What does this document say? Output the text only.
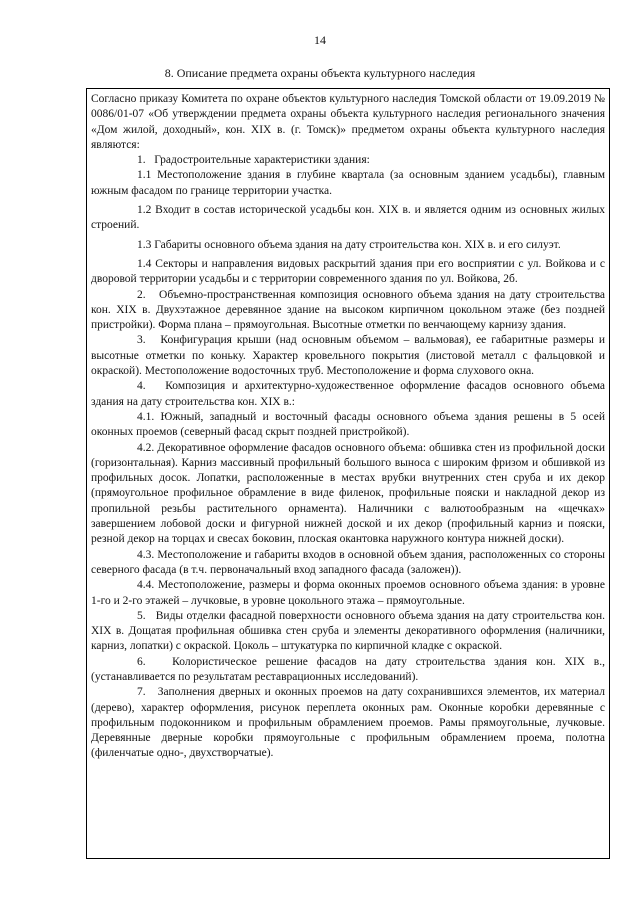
14
8. Описание предмета охраны объекта культурного наследия

Согласно приказу Комитета по охране объектов культурного наследия Томской области от 19.09.2019 № 0086/01-07 «Об утверждении предмета охраны объекта культурного наследия регионального значения «Дом жилой, доходный», кон. XIX в. (г. Томск)» предметом охраны объекта культурного наследия являются:

1.   Градостроительные характеристики здания:

1.1 Местоположение здания в глубине квартала (за основным зданием усадьбы), главным южным фасадом по границе территории участка.

1.2 Входит в состав исторической усадьбы кон. XIX в. и является одним из основных жилых строений.

1.3 Габариты основного объема здания на дату строительства кон. XIX в. и его силуэт.

1.4 Секторы и направления видовых раскрытий здания при его восприятии с ул. Войкова и с дворовой территории усадьбы и с территории современного здания по ул. Войкова, 2б.

2.   Объемно-пространственная композиция основного объема здания на дату строительства кон. XIX в. Двухэтажное деревянное здание на высоком кирпичном цокольном этаже (без поздней пристройки). Форма плана – прямоугольная. Высотные отметки по венчающему карнизу здания.

3.   Конфигурация крыши (над основным объемом – вальмовая), ее габаритные размеры и высотные отметки по коньку. Характер кровельного покрытия (листовой металл с фальцовкой и окраской). Местоположение водосточных труб. Местоположение и форма слухового окна.

4.   Композиция и архитектурно-художественное оформление фасадов основного объема здания на дату строительства кон. XIX в.:

4.1. Южный, западный и восточный фасады основного объема здания решены в 5 осей оконных проемов (северный фасад скрыт поздней пристройкой).

4.2. Декоративное оформление фасадов основного объема: обшивка стен из профильной доски (горизонтальная). Карниз массивный профильный большого выноса с широким фризом и обшивкой из профильных досок. Лопатки, расположенные в местах врубки внутренних стен сруба и их декор (прямоугольное профильное обрамление в виде филенок, профильные пояски и накладной декор из пропильной резьбы растительного орнамента). Наличники с валютообразным на «щечках» завершением лобовой доски и фигурной нижней доской и их декор (профильный карниз и пояски, резной декор на торцах и свесах боковин, плоская окантовка наружного контура нижней доски).

4.3. Местоположение и габариты входов в основной объем здания, расположенных со стороны северного фасада (в т.ч. первоначальный вход западного фасада (заложен)).

4.4. Местоположение, размеры и форма оконных проемов основного объема здания: в уровне 1-го и 2-го этажей – лучковые, в уровне цокольного этажа – прямоугольные.

5.   Виды отделки фасадной поверхности основного объема здания на дату строительства кон. XIX в. Дощатая профильная обшивка стен сруба и элементы декоративного оформления (наличники, карниз, лопатки) с окраской. Цоколь – штукатурка по кирпичной кладке с окраской.

6.   Колористическое решение фасадов на дату строительства здания кон. XIX в., (устанавливается по результатам реставрационных исследований).

7.   Заполнения дверных и оконных проемов на дату сохранившихся элементов, их материал (дерево), характер оформления, рисунок переплета оконных рам. Оконные коробки деревянные с профильным подоконником и профильным обрамлением проемов. Рамы прямоугольные, лучковые. Деревянные дверные коробки прямоугольные с профильным обрамлением проема, полотна (филенчатые одно-, двухстворчатые).
